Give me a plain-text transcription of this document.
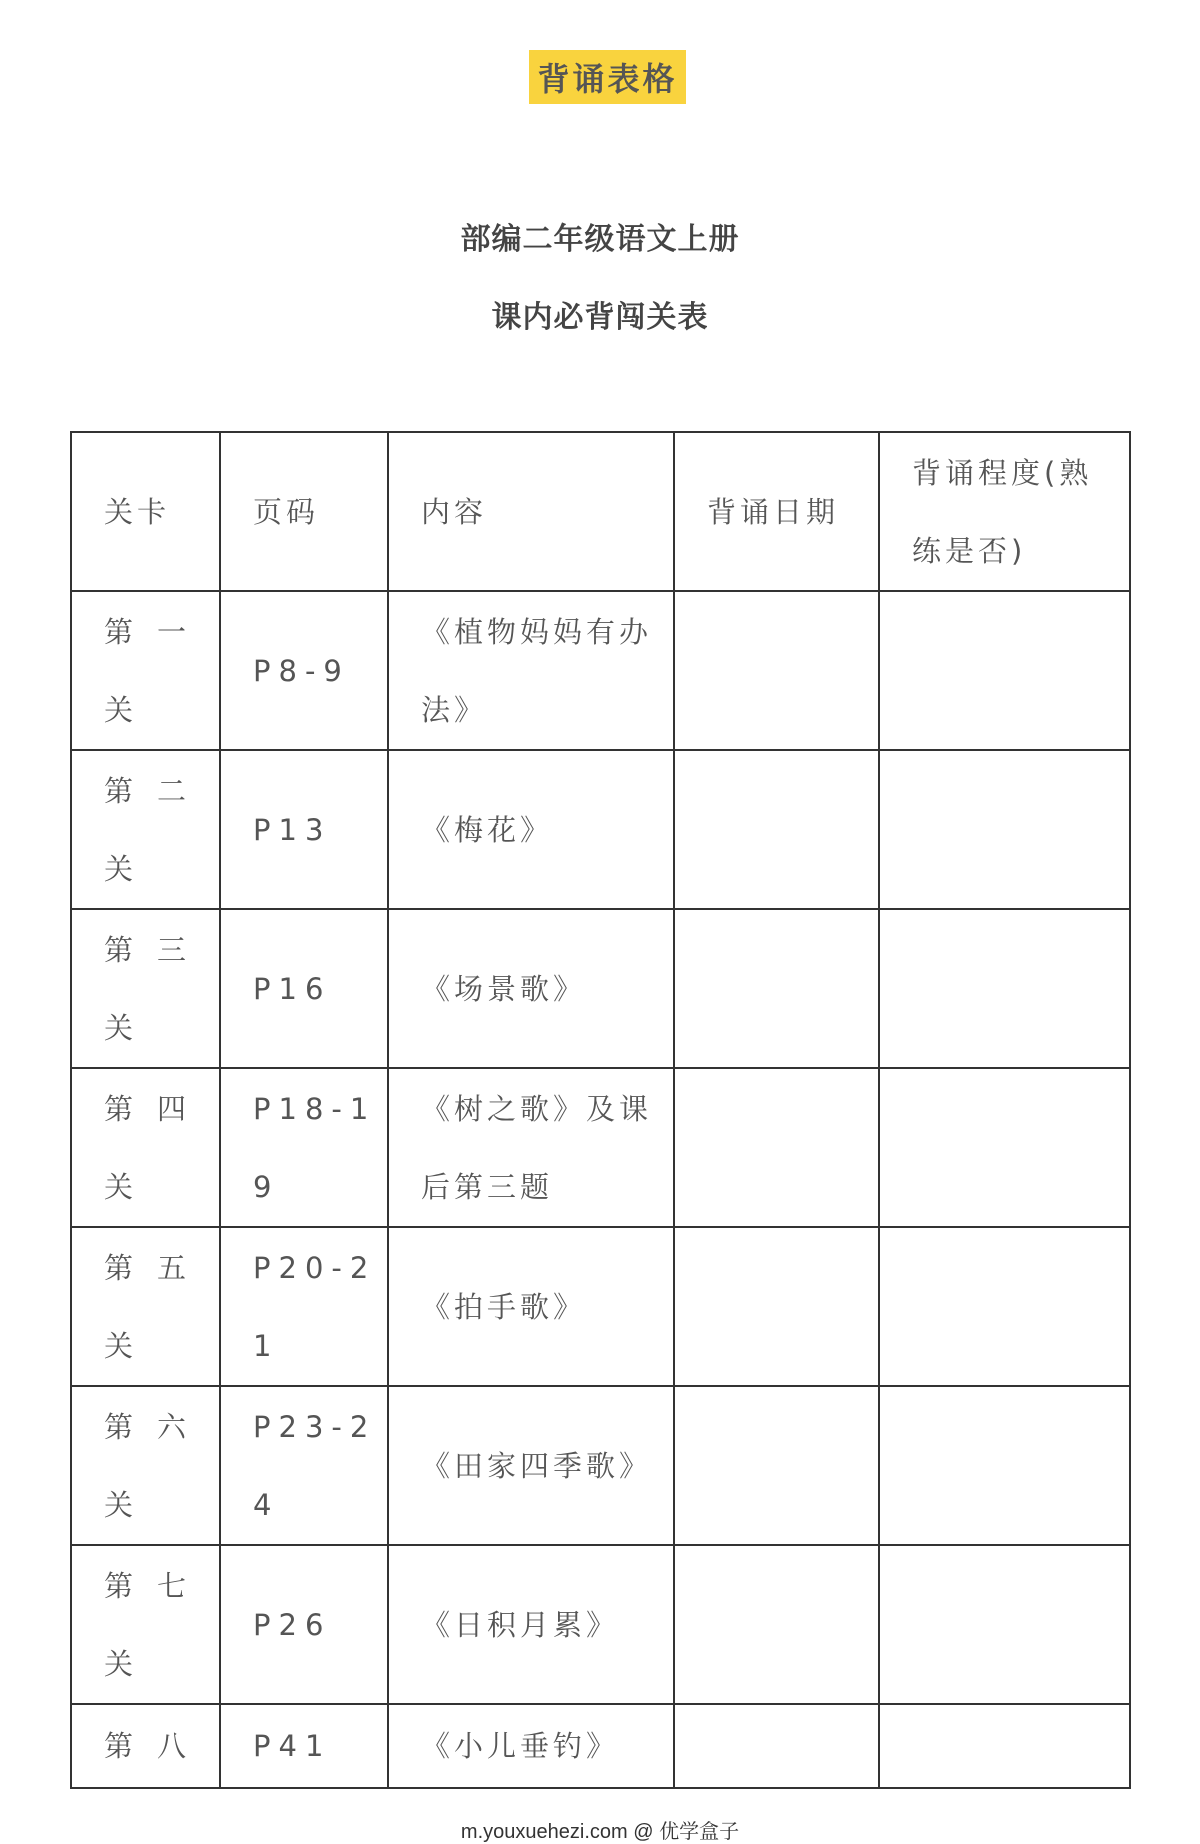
背诵表格
部编二年级语文上册
课内必背闯关表
关卡	页码	内容	背诵日期	背诵程度(熟练是否)

第一关	P8-9	《植物妈妈有办法》		

第二关	P13	《梅花》		

第三关	P16	《场景歌》		

第四关	P18-19	《树之歌》及课后第三题		

第五关	P20-21	《拍手歌》		

第六关	P23-24	《田家四季歌》		

第七关	P26	《日积月累》		

第八	P41	《小儿垂钓》		

m.youxuehezi.com @ 优学盒子
